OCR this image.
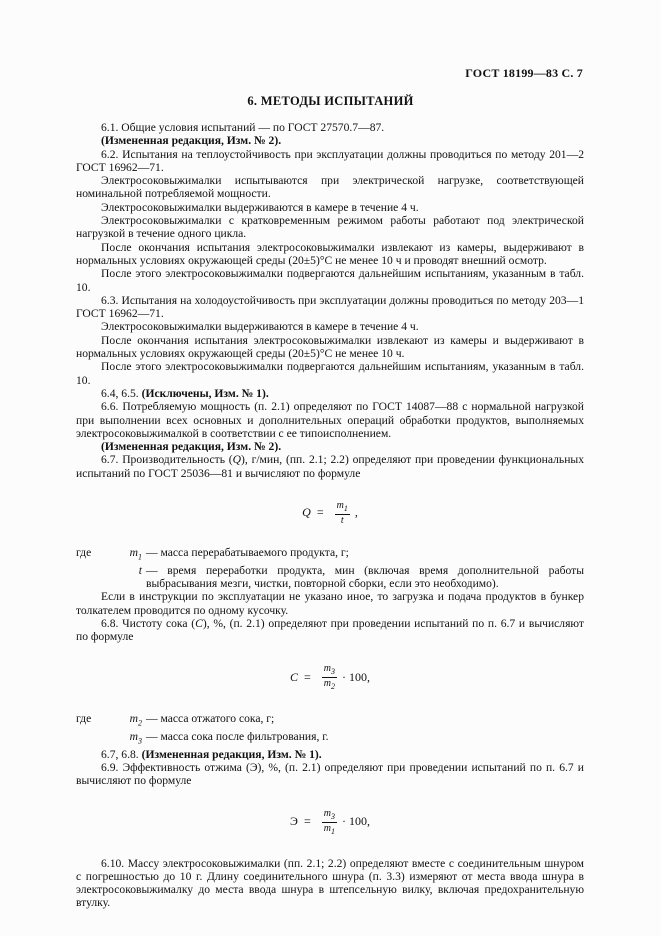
ГОСТ 18199—83 С. 7
6. МЕТОДЫ ИСПЫТАНИЙ

6.1. Общие условия испытаний — по ГОСТ 27570.7—87.

(Измененная редакция, Изм. № 2).

6.2. Испытания на теплоустойчивость при эксплуатации должны проводиться по методу 201—2 ГОСТ 16962—71.

Электросоковыжималки испытываются при электрической нагрузке, соответствующей номинальной потребляемой мощности.

Электросоковыжималки выдерживаются в камере в течение 4 ч.

Электросоковыжималки с кратковременным режимом работы работают под электрической нагрузкой в течение одного цикла.

После окончания испытания электросоковыжималки извлекают из камеры, выдерживают в нормальных условиях окружающей среды (20±5)°С не менее 10 ч и проводят внешний осмотр.

После этого электросоковыжималки подвергаются дальнейшим испытаниям, указанным в табл. 10.

6.3. Испытания на холодоустойчивость при эксплуатации должны проводиться по методу 203—1 ГОСТ 16962—71.

Электросоковыжималки выдерживаются в камере в течение 4 ч.

После окончания испытания электросоковыжималки извлекают из камеры и выдерживают в нормальных условиях окружающей среды (20±5)°С не менее 10 ч.

После этого электросоковыжималки подвергаются дальнейшим испытаниям, указанным в табл. 10.

6.4, 6.5. (Исключены, Изм. № 1).

6.6. Потребляемую мощность (п. 2.1) определяют по ГОСТ 14087—88 с нормальной нагрузкой при выполнении всех основных и дополнительных операций обработки продуктов, выполняемых электросоковыжималкой в соответствии с ее типоисполнением.

(Измененная редакция, Изм. № 2).

6.7. Производительность (Q), г/мин, (пп. 2.1; 2.2) определяют при проведении функциональных испытаний по ГОСТ 25036—81 и вычисляют по формуле

$Q = \frac{m_1}{t}$ ,
где	$m_1$ — масса перерабатываемого продукта, г;
t — время переработки продукта, мин (включая время дополнительной работы выбрасывания мезги, чистки, повторной сборки, если это необходимо).

Если в инструкции по эксплуатации не указано иное, то загрузка и подача продуктов в бункер толкателем проводится по одному кусочку.

6.8. Чистоту сока (С), %, (п. 2.1) определяют при проведении испытаний по п. 6.7 и вычисляют по формуле

$С = \frac{m_3}{m_2} \cdot 100$,
где	$m_2$ — масса отжатого сока, г;
$m_3$ — масса сока после фильтрования, г.

6.7, 6.8. (Измененная редакция, Изм. № 1).

6.9. Эффективность отжима (Э), %, (п. 2.1) определяют при проведении испытаний по п. 6.7 и вычисляют по формуле

$Э = \frac{m_3}{m_1} \cdot 100$,

6.10. Массу электросоковыжималки (пп. 2.1; 2.2) определяют вместе с соединительным шнуром с погрешностью до 10 г. Длину соединительного шнура (п. 3.3) измеряют от места ввода шнура в электросоковыжималку до места ввода шнура в штепсельную вилку, включая предохранительную втулку.
